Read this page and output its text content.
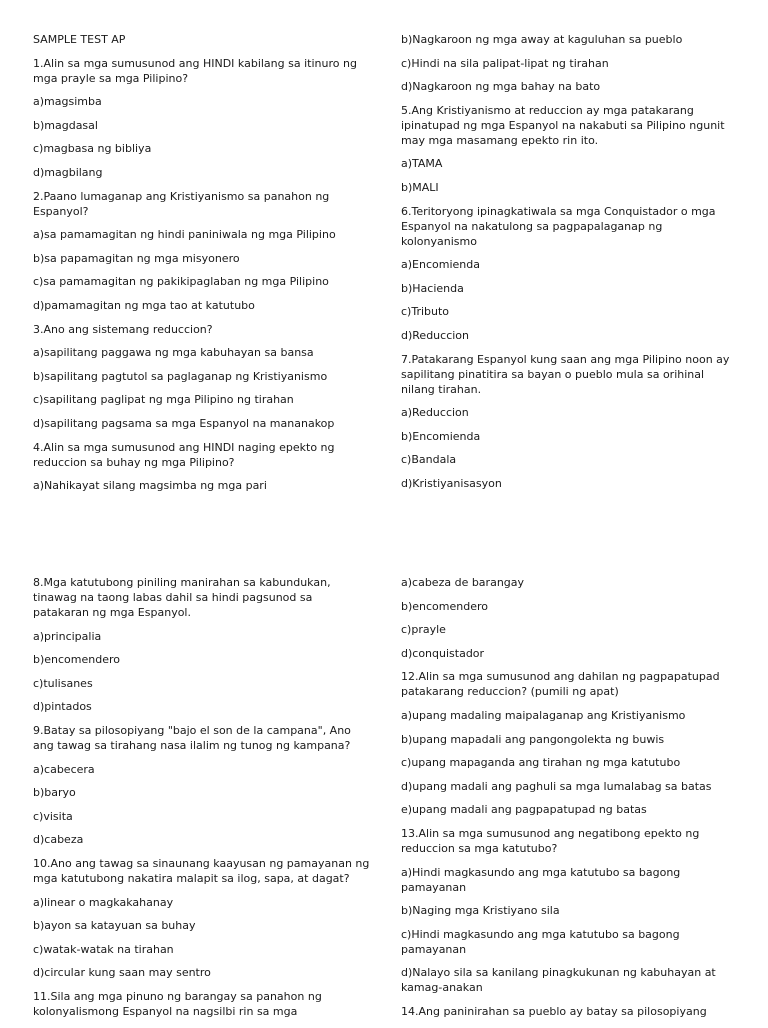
SAMPLE TEST AP

1.Alin sa mga sumusunod ang HINDI kabilang sa itinuro ng mga prayle sa mga Pilipino?

a)magsimba

b)magdasal

c)magbasa ng bibliya

d)magbilang

2.Paano lumaganap ang Kristiyanismo sa panahon ng Espanyol?

a)sa pamamagitan ng hindi paniniwala ng mga Pilipino

b)sa papamagitan ng mga misyonero

c)sa pamamagitan ng pakikipaglaban ng mga Pilipino

d)pamamagitan ng mga tao at katutubo

3.Ano ang sistemang reduccion?

a)sapilitang paggawa ng mga kabuhayan sa bansa

b)sapilitang pagtutol sa paglaganap ng Kristiyanismo

c)sapilitang paglipat ng mga Pilipino ng tirahan

d)sapilitang pagsama sa mga Espanyol na mananakop

4.Alin sa mga sumusunod ang HINDI naging epekto ng reduccion sa buhay ng mga Pilipino?

a)Nahikayat silang magsimba ng mga pari

b)Nagkaroon ng mga away at kaguluhan sa pueblo

c)Hindi na sila palipat-lipat ng tirahan

d)Nagkaroon ng mga bahay na bato

5.Ang Kristiyanismo at reduccion ay mga patakarang ipinatupad ng mga Espanyol na nakabuti sa Pilipino ngunit may mga masamang epekto rin ito.

a)TAMA

b)MALI

6.Teritoryong ipinagkatiwala sa mga Conquistador o mga Espanyol na nakatulong sa pagpapalaganap ng kolonyanismo

a)Encomienda

b)Hacienda

c)Tributo

d)Reduccion

7.Patakarang Espanyol kung saan ang mga Pilipino noon ay sapilitang pinatitira sa bayan o pueblo mula sa orihinal nilang tirahan.

a)Reduccion

b)Encomienda

c)Bandala

d)Kristiyanisasyon

8.Mga katutubong piniling manirahan sa kabundukan, tinawag na taong labas dahil sa hindi pagsunod sa patakaran ng mga Espanyol.

a)principalia

b)encomendero

c)tulisanes

d)pintados

9.Batay sa pilosopiyang "bajo el son de la campana", Ano ang tawag sa tirahang nasa ilalim ng tunog ng kampana?

a)cabecera

b)baryo

c)visita

d)cabeza

10.Ano ang tawag sa sinaunang kaayusan ng pamayanan ng mga katutubong nakatira malapit sa ilog, sapa, at dagat?

a)linear o magkakahanay

b)ayon sa katayuan sa buhay

c)watak-watak na tirahan

d)circular kung saan may sentro

11.Sila ang mga pinuno ng barangay sa panahon ng kolonyalismong Espanyol na nagsilbi rin sa mga

a)cabeza de barangay

b)encomendero

c)prayle

d)conquistador

12.Alin sa mga sumusunod ang dahilan ng pagpapatupad patakarang reduccion? (pumili ng apat)

a)upang madaling maipalaganap ang Kristiyanismo

b)upang mapadali ang pangongolekta ng buwis

c)upang mapaganda ang tirahan ng mga katutubo

d)upang madali ang paghuli sa mga lumalabag sa batas

e)upang madali ang pagpapatupad ng batas

13.Alin sa mga sumusunod ang negatibong epekto ng reduccion sa mga katutubo?

a)Hindi magkasundo ang mga katutubo sa bagong pamayanan

b)Naging mga Kristiyano sila

c)Hindi magkasundo ang mga katutubo sa bagong pamayanan

d)Nalayo sila sa kanilang pinagkukunan ng kabuhayan at kamag-anakan

14.Ang paninirahan sa pueblo ay batay sa pilosopiyang
